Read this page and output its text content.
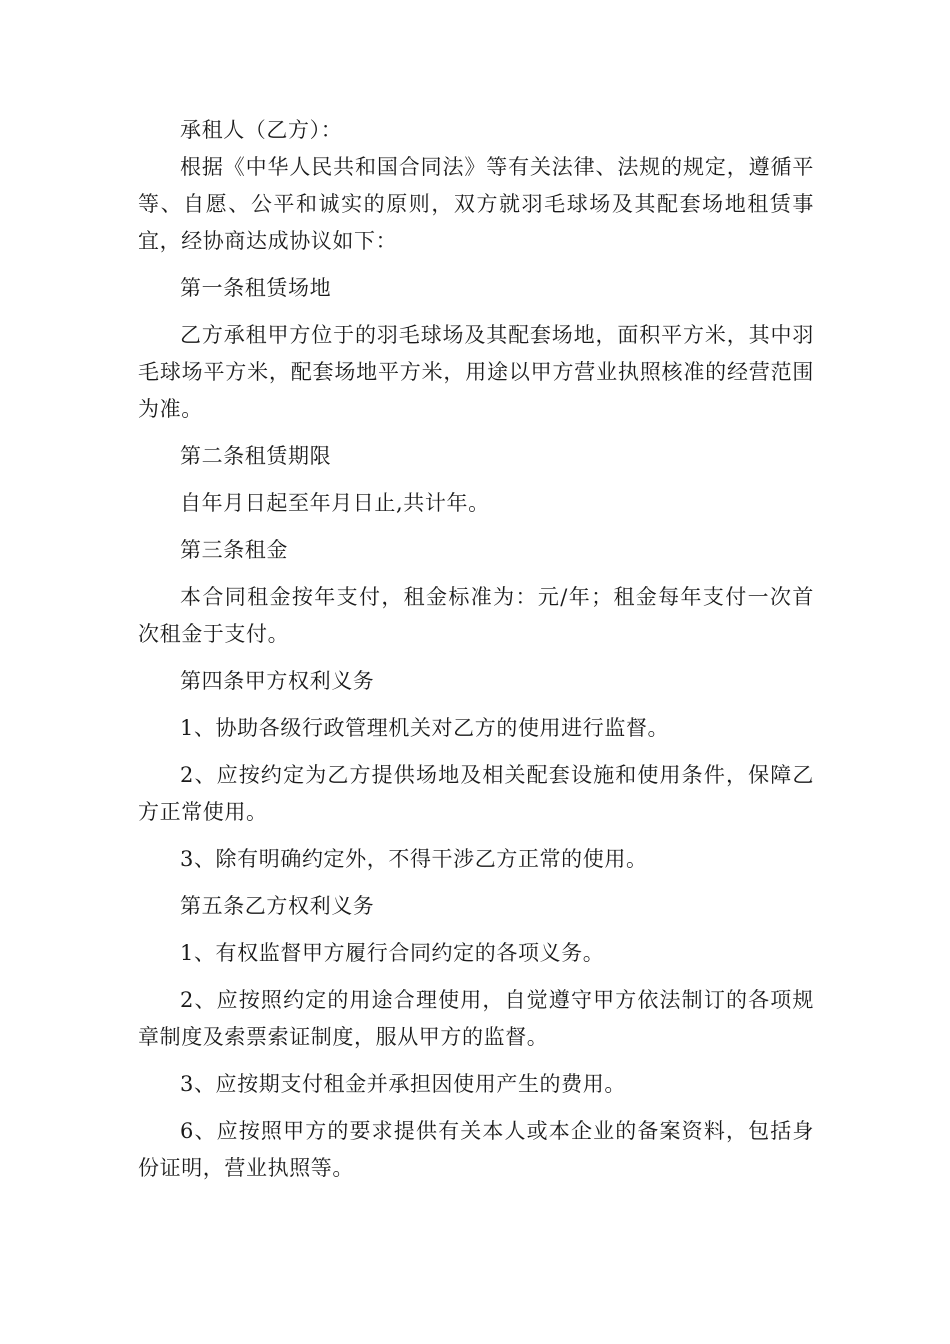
承租人（乙方）：

根据《中华人民共和国合同法》等有关法律、法规的规定，遵循平等、自愿、公平和诚实的原则，双方就羽毛球场及其配套场地租赁事宜，经协商达成协议如下：

第一条租赁场地

乙方承租甲方位于的羽毛球场及其配套场地，面积平方米，其中羽毛球场平方米，配套场地平方米，用途以甲方营业执照核准的经营范围为准。

第二条租赁期限

自年月日起至年月日止,共计年。

第三条租金

本合同租金按年支付，租金标准为：元/年；租金每年支付一次首次租金于支付。

第四条甲方权利义务

1、协助各级行政管理机关对乙方的使用进行监督。

2、应按约定为乙方提供场地及相关配套设施和使用条件，保障乙方正常使用。

3、除有明确约定外，不得干涉乙方正常的使用。

第五条乙方权利义务

1、有权监督甲方履行合同约定的各项义务。

2、应按照约定的用途合理使用，自觉遵守甲方依法制订的各项规章制度及索票索证制度，服从甲方的监督。

3、应按期支付租金并承担因使用产生的费用。

6、应按照甲方的要求提供有关本人或本企业的备案资料，包括身份证明，营业执照等。
